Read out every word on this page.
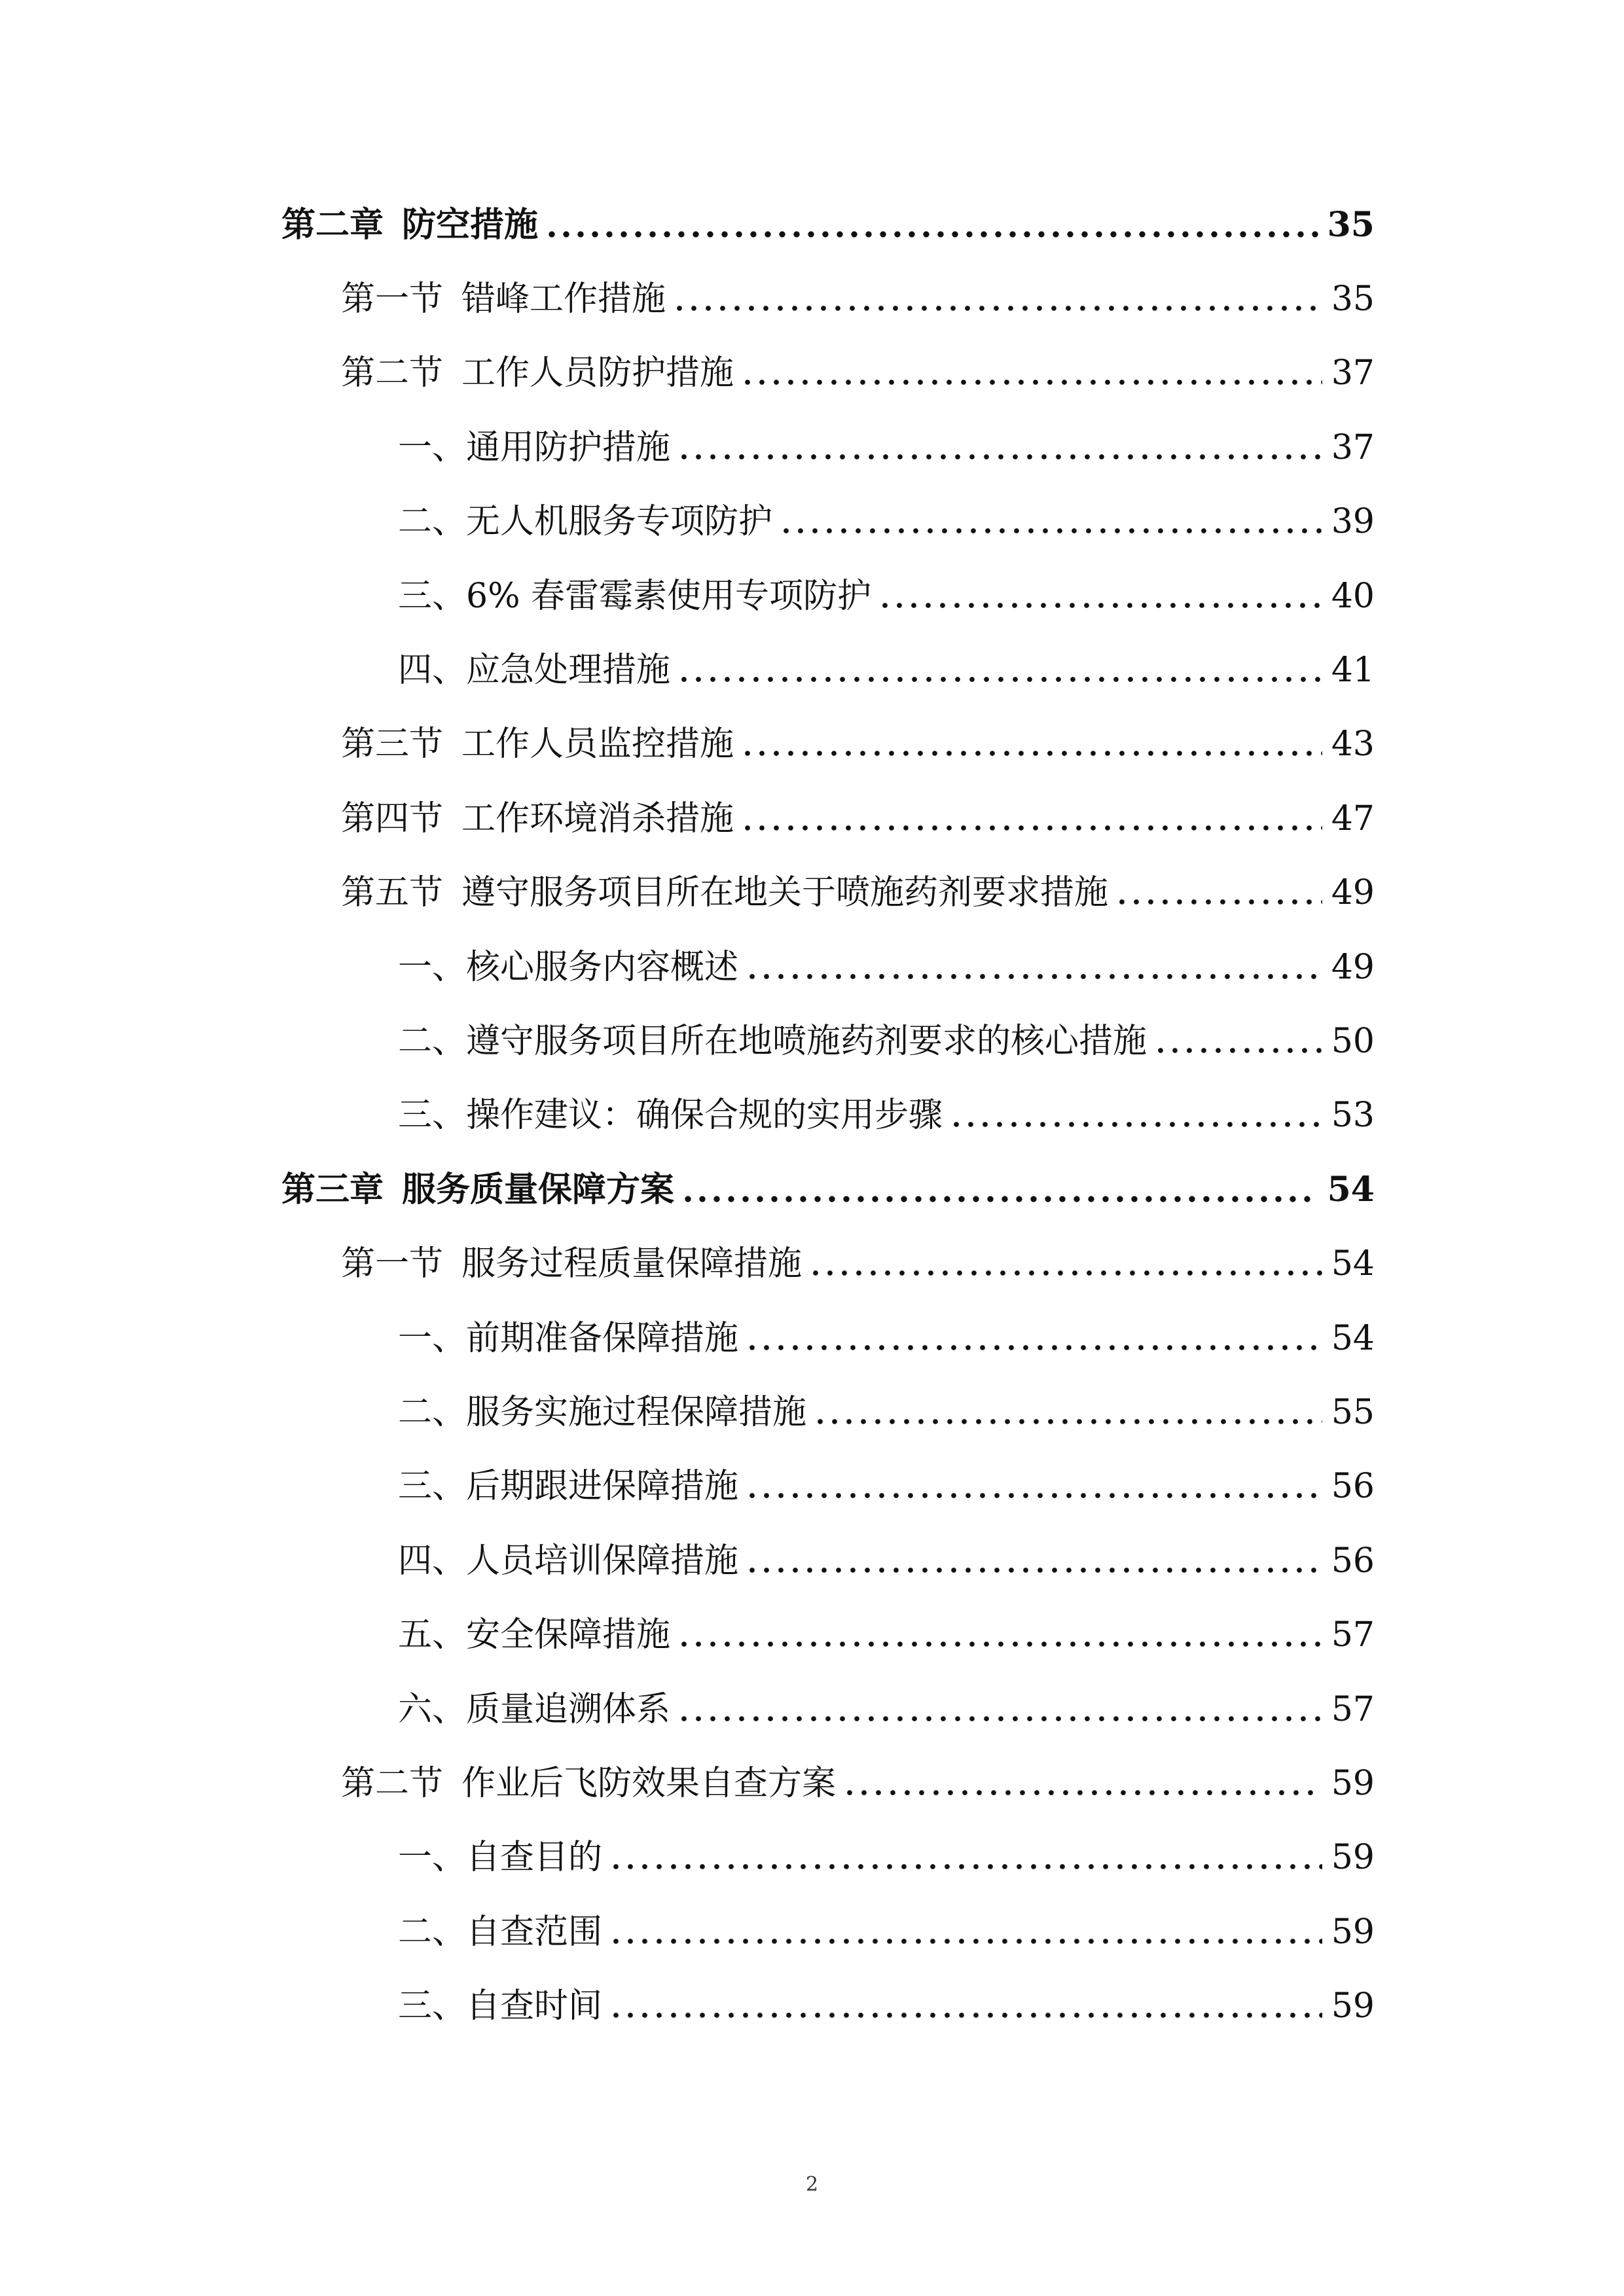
第二章 防空措施	35
第一节 错峰工作措施	35
第二节 工作人员防护措施	37
一、通用防护措施	37
二、无人机服务专项防护	39
三、6% 春雷霉素使用专项防护	40
四、应急处理措施	41
第三节 工作人员监控措施	43
第四节 工作环境消杀措施	47
第五节 遵守服务项目所在地关于喷施药剂要求措施	49
一、核心服务内容概述	49
二、遵守服务项目所在地喷施药剂要求的核心措施	50
三、操作建议：确保合规的实用步骤	53
第三章 服务质量保障方案	54
第一节 服务过程质量保障措施	54
一、前期准备保障措施	54
二、服务实施过程保障措施	55
三、后期跟进保障措施	56
四、人员培训保障措施	56
五、安全保障措施	57
六、质量追溯体系	57
第二节 作业后飞防效果自查方案	59
一、自查目的	59
二、自查范围	59
三、自查时间	59
2
